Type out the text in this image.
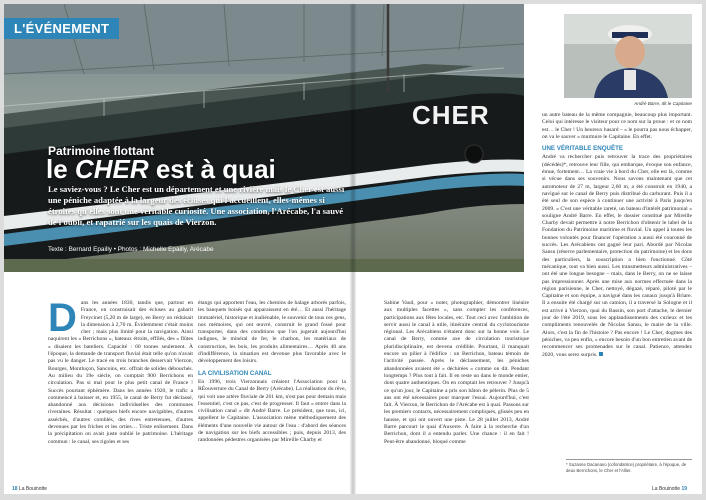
CHER
L'ÉVÉNEMENT
Patrimoine flottant
le CHER est à quai

Le saviez-vous ? Le Cher est un département et une rivière mais le Cher est aussi une péniche adaptée à la largeur des écluses qui l'accueillent, elles-mêmes si étroites qu'elles sont une véritable curiosité. Une association, l'Arécabe, l'a sauvé de l'oubli, et rapatrié sur les quais de Vierzon.

Texte : Bernard Epailly • Photos : Michelle Epailly, Arécabe
André Barre, dit le Capitaine
D ans les années 1830, tandis que, partout en France, on construisait des écluses au gabarit Freycinet (5,20 m de large), en Berry on réduisait la dimension à 2,70 m. Évidemment c'était moins cher ; mais plus limité pour la navigation. Ainsi naquirent les « Berrichons », bateaux étroits, effilés, des « flûtes » disaient les bateliers. Capacité : 60 tonnes seulement. À l'époque, la demande de transport fluvial était telle qu'on n'avait pas vu le danger. Le tracé en trois branches desservait Vierzon, Bourges, Montluçon, Sancoins, etc. offrait de solides débouchés. Au milieu du 19e siècle, on comptait 900 Berrichons en circulation. Pas si mal pour le plus petit canal de France ! Succès pourtant éphémère. Dans les années 1920, le trafic a commencé à baisser et, en 1955, le canal de Berry fut déclassé, abandonné aux décisions individuelles des communes riveraines. Résultat : quelques biefs encore navigables, d'autres asséchés, d'autres comblés, des rives entretenues, d'autres devenues par les friches et les orties… Triste enlisement. Dans la précipitation on avait juste oublié le patrimoine. L'héritage commun : le canal, ses rigoles et ses

étangs qui apportent l'eau, les chemins de halage arborés parfois, les banquets boisés qui apparaissent en été… Et aussi l'héritage immatériel, historique et inaliénable, le souvenir de tous ces gens, nos mémoires, qui ont œuvré, construit le grand fossé pour transporter, dans des conditions que l'on jugerait aujourd'hui indignes, le minéral de fer, le charbon, les matériaux de construction, les bois, les produits alimentaires… Après 40 ans d'indifférence, la situation est devenue plus favorable avec le développement des loisirs.

LA CIVILISATION CANAL

En 1996, trois Vierzonnais créaient l'Association pour la RÉouverture du Canal de Berry (Arécabe). La réalisation du rêve, qui voit une artère fluviale de 261 km, n'est pas pour demain mais l'essentiel, c'est ce pas, c'est de progresser. Il faut « entrer dans la civilisation canal » dit André Barre. Le président, que tous, ici, appellent le Capitaine. L'association mène méthodiquement des éléments d'une nouvelle vie autour de l'eau : d'abord des séances de navigation sur les biefs accessibles ; puis, depuis 2013, des randonnées pédestres organisées par Mireille Charby et

Sabine Vaud, pour « noter, photographier, démontrer linéaire aux multiples facettes », sans compter les conférences, participations aux fêtes locales, etc. Tout ceci avec l'ambition de servir aussi le canal à utile, itinéraire central du cyclotourisme régional. Les Arécabiens n'étaient donc sur la bonne voie. Le canal de Berry, comme axe de circulation touristique pluridisciplinaire, est devenu crédible. Pourtant, il manquait encore un pilier à l'édifice : un Berrichon, bateau témoin de l'activité passée. Après le déclassement, les péniches abandonnées avaient été « déchirées » comme on dit. Pendant longtemps ? Plus tout à fait. Il en reste un dans le monde entier, dont quatre authentiques. On en comptait les retrouver ? Jusqu'à ce qu'un jour, le Capitaine a pris son bâton de pèlerin. Plus de 5 ans ont été nécessaires pour marquer l'essai. Aujourd'hui, c'est fait. À Vierzon, le Berrichon de l'Arécabe est à quai. Passons sur les premiers contacts, nécessairement compliqués, glissés peu en hausse, et qui ont ouvert une piste. Le 28 juillet 2013, André Barre parcourt le quai d'Auxerre. À faire à la recherche d'un Berrichon, dont il a entendu parler. Une chance : il en fait ! Peut-être abandonné, bloqué comme

un autre bateau de la même compagnie, beaucoup plus important. Celui qui intéresse le visiteur pour ce nom sur la proue : et ce nom est… le Cher ! Un heureux hasard – « le pourra pas nous échapper, on va le sauver » murmure le Capitaine. En effet.

UNE VÉRITABLE ENQUÊTE

André va rechercher puis retrouver la trace des propriétaires (décédés)*, retrouve leur fille, qui embarque, évoque son enfance, émue, fortement… La vraie vie à bord du Cher, elle est là, comme si vécue dans ses souvenirs. Nous savons maintenant que cet automoteur de 27 m, largeur 2,60 m, a été construit en 1940, a navigué sur le canal de Berry puis distribué du carburant. Puis il a été seul de son espèce à continuer une activité à Paris jusqu'en 2009. « C'est une véritable rareté, un bateau d'intérêt patrimonial » souligne André Barre. En effet, le dossier constitué par Mireille Charby devait permettre à notre Berrichon d'obtenir le label de la Fondation du Patrimoine maritime et fluvial. Un appel à toutes les bonnes volontés pour financer l'opération a aussi été couronné de succès. Les Arécabiens ont gagné leur pari. Abordé par Nicolas Sansu (réserve parlementaire, protection du patrimoine) et les dons des particuliers, la souscription a bien fonctionné. Côté mécanique, tout va bien aussi. Les transmetteurs administratives – ont été une longue besogne – mais, dans le Berry, on ne se laisse pas impressionner. Après une mise aux normes effectuée dans la région parisienne, le Cher, nettoyé, dégazé, réparé, piloté par le Capitaine et son équipe, a navigué dans les canaux jusqu'à Briare. Il a ensuite été chargé sur un camion, il a traversé la Sologne et il est arrivé à Vierzon, quai du Bassin, son port d'attache, le dernier jour de l'été 2019, sous les applaudissements des curieux et les compliments renouvelés de Nicolas Sansu, le maire de la ville. Alors, c'est la fin de l'histoire ? Pas encore ! Le Cher, dogmes des péniches, va peu enfin, « encore besoin d'un bon entretien avant de recommencer ses promenades sur le canal. Patience, attendez 2020, vous serez surpris.

* Suzanne Dacanano (cofondatrice) propriétaire, à l'époque, de deux Berrichons, le Cher et l'Allier.
18 La Bouinotte	La Bouinotte 19
